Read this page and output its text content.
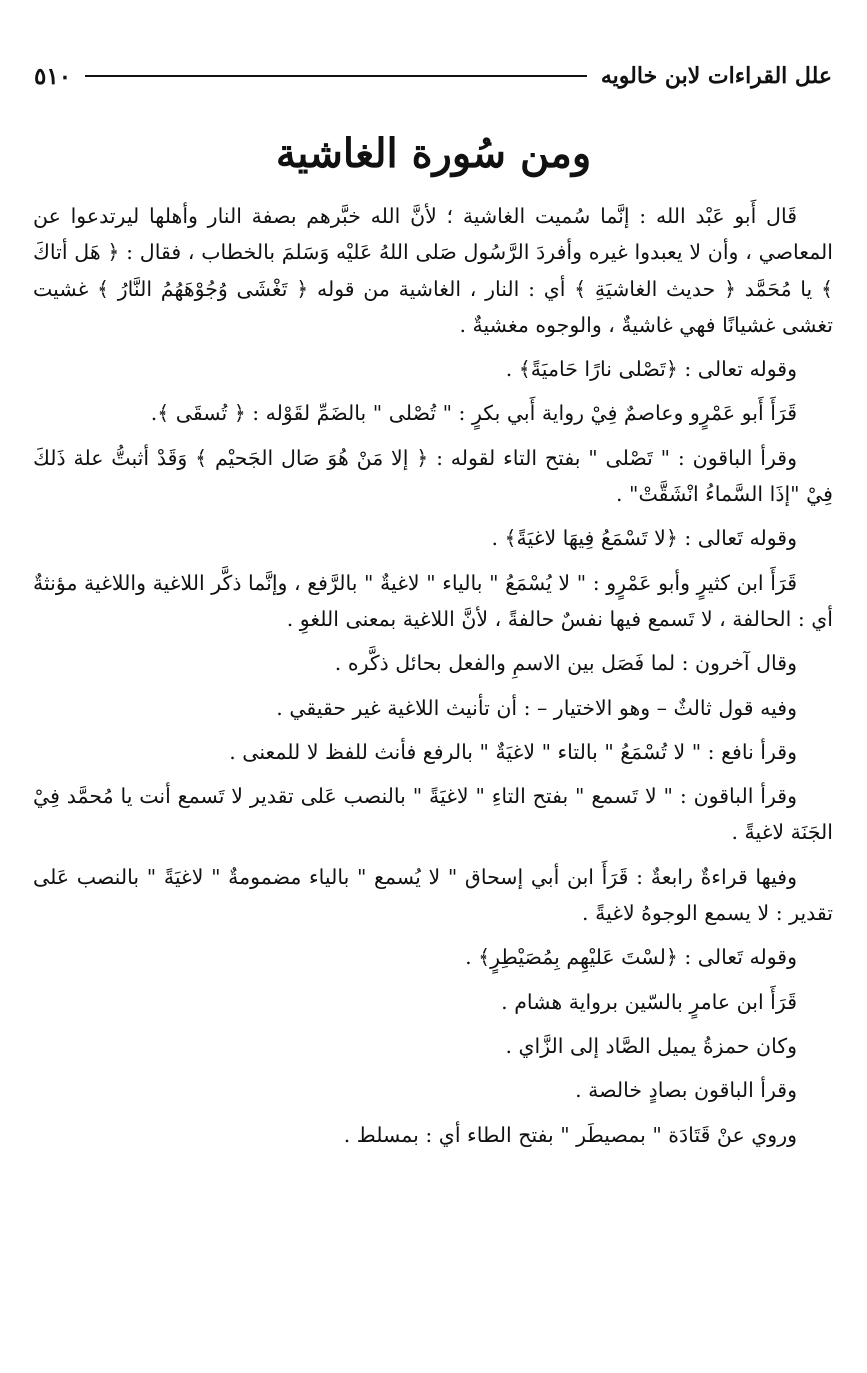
٥١٠	علل القراءات لابن خالويه
ومن سُورة الغاشية

قَال أَبو عَبْد الله : إنَّما سُميت الغاشية ؛ لأنَّ الله خبَّرهم بصفة النار وأهلها ليرتدعوا عن المعاصي ، وأن لا يعبدوا غيره وأفردَ الرَّسُول صَلى اللهُ عَليْه وَسَلمَ بالخطاب ، فقال : ﴿ هَل أتاكَ ﴾ يا مُحَمَّد ﴿ حديث الغاشيَةِ ﴾ أي : النار ، الغاشية من قوله ﴿ تَغْشَى وُجُوْهَهُمُ النَّارُ ﴾ غشيت تغشى غشيانًا فهي غاشيةٌ ، والوجوه مغشيةٌ .

وقوله تعالى : ﴿تَصْلى نارًا حَاميَةً﴾ .

قَرَأَ أَبو عَمْرٍو وعاصمٌ فِيْ رواية أَبي بكرٍ : " تُصْلى " بالضَمِّ لقَوْله : ﴿ تُسقَى ﴾.

وقرأ الباقون : " تَصْلى " بفتح التاء لقوله : ﴿ إلا مَنْ هُوَ صَال الجَحيْم ﴾ وَقَدْ أثبتُّ علة ذَلكَ فِيْ "إذَا السَّماءُ انْشَقَّتْ" .

وقوله تَعالى : ﴿لا تَسْمَعُ فِيهَا لاغيَةً﴾ .

قَرَأَ ابن كثيرٍ وأبو عَمْرٍو : " لا يُسْمَعُ " بالياء " لاغيةٌ " بالرَّفع ، وإنَّما ذكَّر اللاغية واللاغية مؤنثةٌ أي : الحالفة ، لا تَسمع فيها نفسٌ حالفةً ، لأنَّ اللاغية بمعنى اللغوِ .

وقال آخرون : لما فَصَل بين الاسمِ والفعل بحائل ذكَّره .

وفيه قول ثالثٌ – وهو الاختيار – : أن تأنيث اللاغية غير حقيقي .

وقرأ نافع : " لا تُسْمَعُ " بالتاء " لاغيَةٌ " بالرفع فأنث للفظ لا للمعنى .

وقرأ الباقون : " لا تَسمع " بفتح التاءِ " لاغيَةً " بالنصب عَلى تقدير لا تَسمع أنت يا مُحمَّد فِيْ الجَنَة لاغيةً .

وفيها قراءةٌ رابعةٌ : قَرَأَ ابن أبي إسحاق " لا يُسمع " بالياء مضمومةٌ " لاغيَةً " بالنصب عَلى تقدير : لا يسمع الوجوهُ لاغيةً .

وقوله تَعالى : ﴿لسْتَ عَليْهِم بِمُصَيْطِرٍ﴾ .

قَرَأَ ابن عامرٍ بالسّين برواية هشام .

وكان حمزةُ يميل الصَّاد إلى الزَّاي .

وقرأ الباقون بصادٍ خالصة .

وروي عنْ قَتَادَة " بمصيطَر " بفتح الطاء أي : بمسلط .
